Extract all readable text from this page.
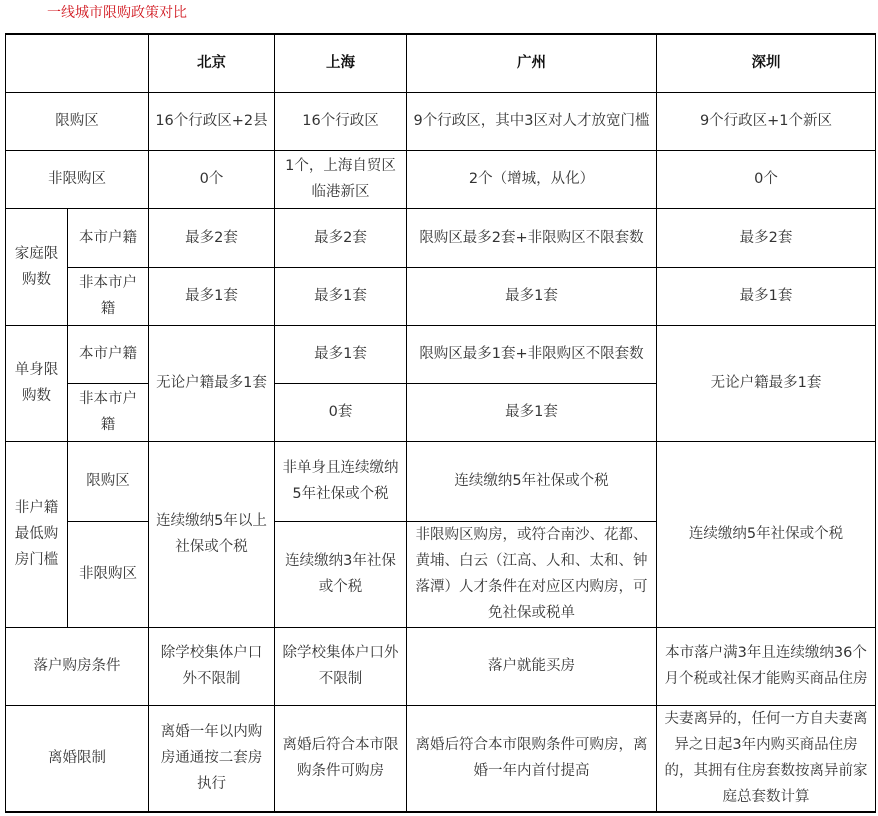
一线城市限购政策对比
		北京	上海	广州	深圳
限购区		16个行政区+2县	16个行政区	9个行政区，其中3区对人才放宽门槛	9个行政区+1个新区
非限购区		0个	1个，上海自贸区临港新区	2个（增城，从化）	0个
家庭限购数	本市户籍	最多2套	最多2套	限购区最多2套+非限购区不限套数	最多2套
	非本市户籍	最多1套	最多1套	最多1套	最多1套
单身限购数	本市户籍	无论户籍最多1套	最多1套	限购区最多1套+非限购区不限套数	无论户籍最多1套
	非本市户籍		0套	最多1套	
非户籍最低购房门槛	限购区	连续缴纳5年以上社保或个税	非单身且连续缴纳5年社保或个税	连续缴纳5年社保或个税	连续缴纳5年社保或个税
	非限购区		连续缴纳3年社保或个税	非限购区购房，或符合南沙、花都、黄埔、白云（江高、人和、太和、钟落潭）人才条件在对应区内购房，可免社保或税单	
落户购房条件		除学校集体户口外不限制	除学校集体户口外不限制	落户就能买房	本市落户满3年且连续缴纳36个月个税或社保才能购买商品住房
离婚限制		离婚一年以内购房通通按二套房执行	离婚后符合本市限购条件可购房	离婚后符合本市限购条件可购房，离婚一年内首付提高	夫妻离异的，任何一方自夫妻离异之日起3年内购买商品住房的，其拥有住房套数按离异前家庭总套数计算
